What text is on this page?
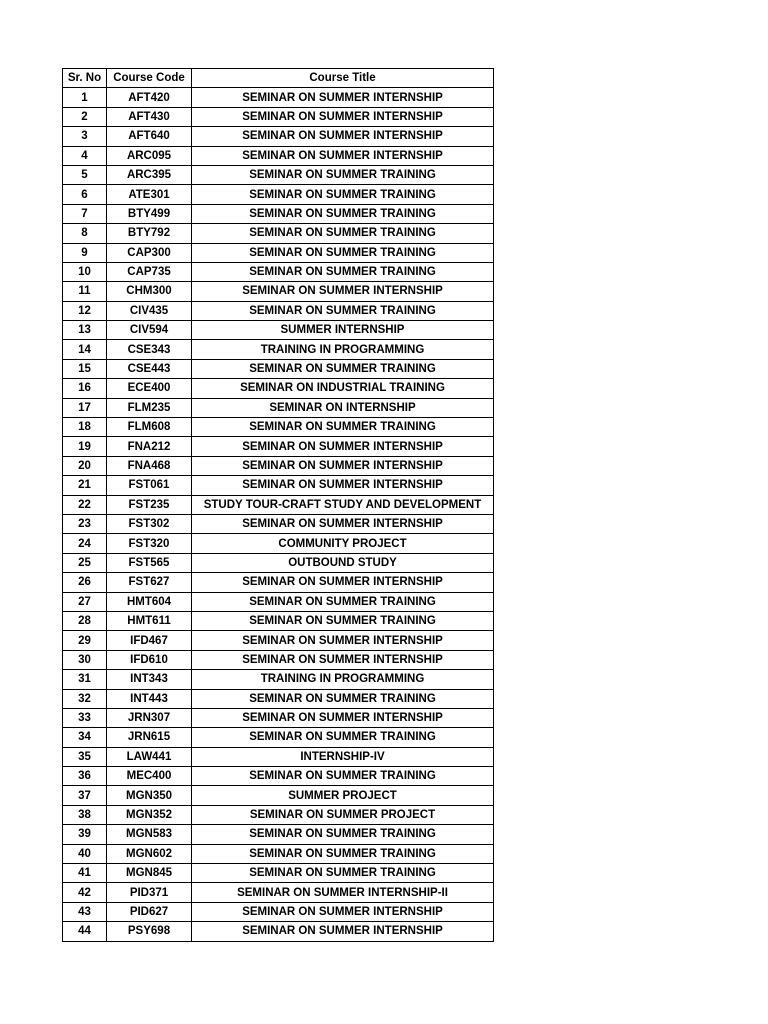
Sr. No	Course Code	Course Title
1	AFT420	SEMINAR ON SUMMER INTERNSHIP
2	AFT430	SEMINAR ON SUMMER INTERNSHIP
3	AFT640	SEMINAR ON SUMMER INTERNSHIP
4	ARC095	SEMINAR ON SUMMER INTERNSHIP
5	ARC395	SEMINAR ON SUMMER TRAINING
6	ATE301	SEMINAR ON SUMMER TRAINING
7	BTY499	SEMINAR ON SUMMER TRAINING
8	BTY792	SEMINAR ON SUMMER TRAINING
9	CAP300	SEMINAR ON SUMMER TRAINING
10	CAP735	SEMINAR ON SUMMER TRAINING
11	CHM300	SEMINAR ON SUMMER INTERNSHIP
12	CIV435	SEMINAR ON SUMMER TRAINING
13	CIV594	SUMMER INTERNSHIP
14	CSE343	TRAINING IN PROGRAMMING
15	CSE443	SEMINAR ON SUMMER TRAINING
16	ECE400	SEMINAR ON INDUSTRIAL TRAINING
17	FLM235	SEMINAR ON INTERNSHIP
18	FLM608	SEMINAR ON SUMMER TRAINING
19	FNA212	SEMINAR ON SUMMER INTERNSHIP
20	FNA468	SEMINAR ON SUMMER INTERNSHIP
21	FST061	SEMINAR ON SUMMER INTERNSHIP
22	FST235	STUDY TOUR-CRAFT STUDY AND DEVELOPMENT
23	FST302	SEMINAR ON SUMMER INTERNSHIP
24	FST320	COMMUNITY PROJECT
25	FST565	OUTBOUND STUDY
26	FST627	SEMINAR ON SUMMER INTERNSHIP
27	HMT604	SEMINAR ON SUMMER TRAINING
28	HMT611	SEMINAR ON SUMMER TRAINING
29	IFD467	SEMINAR ON SUMMER INTERNSHIP
30	IFD610	SEMINAR ON SUMMER INTERNSHIP
31	INT343	TRAINING IN PROGRAMMING
32	INT443	SEMINAR ON SUMMER TRAINING
33	JRN307	SEMINAR ON SUMMER INTERNSHIP
34	JRN615	SEMINAR ON SUMMER TRAINING
35	LAW441	INTERNSHIP-IV
36	MEC400	SEMINAR ON SUMMER TRAINING
37	MGN350	SUMMER PROJECT
38	MGN352	SEMINAR ON SUMMER PROJECT
39	MGN583	SEMINAR ON SUMMER TRAINING
40	MGN602	SEMINAR ON SUMMER TRAINING
41	MGN845	SEMINAR ON SUMMER TRAINING
42	PID371	SEMINAR ON SUMMER INTERNSHIP-II
43	PID627	SEMINAR ON SUMMER INTERNSHIP
44	PSY698	SEMINAR ON SUMMER INTERNSHIP
